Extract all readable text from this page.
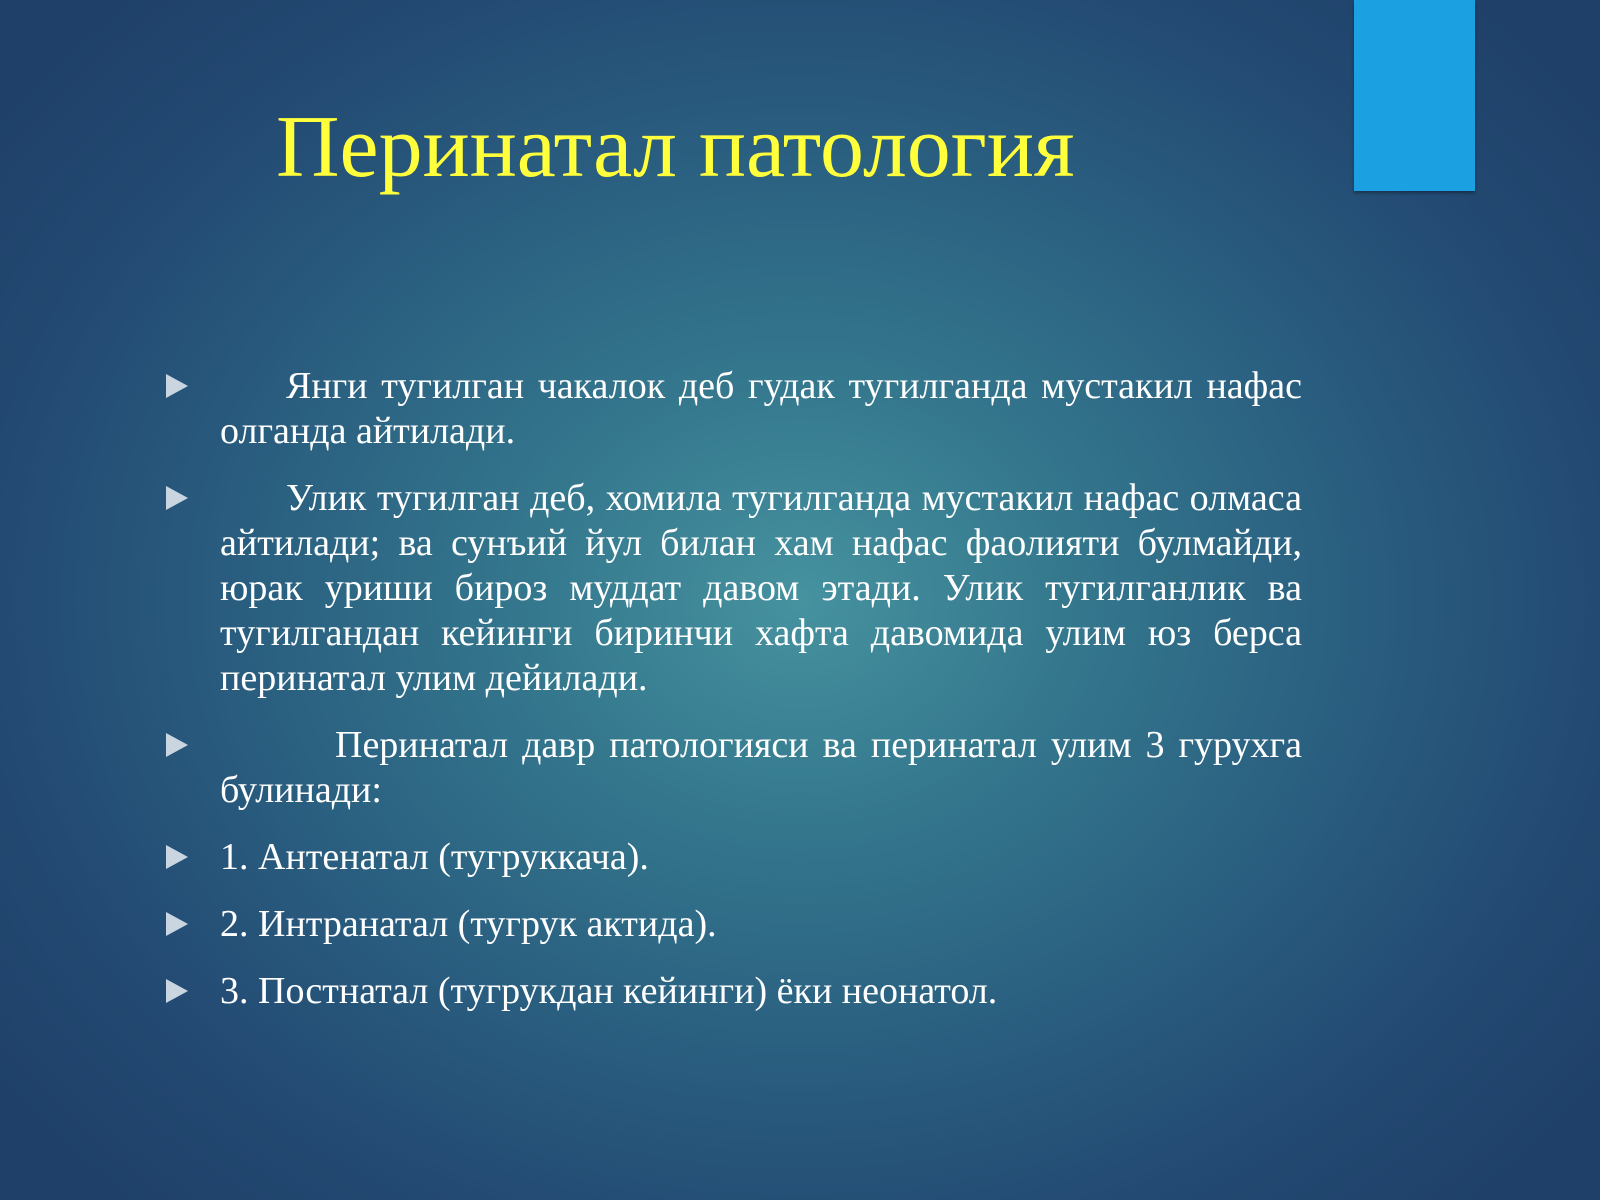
Перинатал патология
Янги тугилган чакалок деб гудак тугилганда мустакил нафас олганда айтилади.
Улик тугилган деб, хомила тугилганда мустакил нафас олмаса айтилади; ва сунъий йул билан хам нафас фаолияти булмайди, юрак уриши бироз муддат давом этади. Улик тугилганлик ва тугилгандан кейинги биринчи хафта давомида улим юз берса перинатал улим дейилади.
Перинатал давр патологияси ва перинатал улим 3 гурухга булинади:
1. Антенатал (тугруккача).
2. Интранатал (тугрук актида).
3. Постнатал (тугрукдан кейинги) ёки неонатол.
